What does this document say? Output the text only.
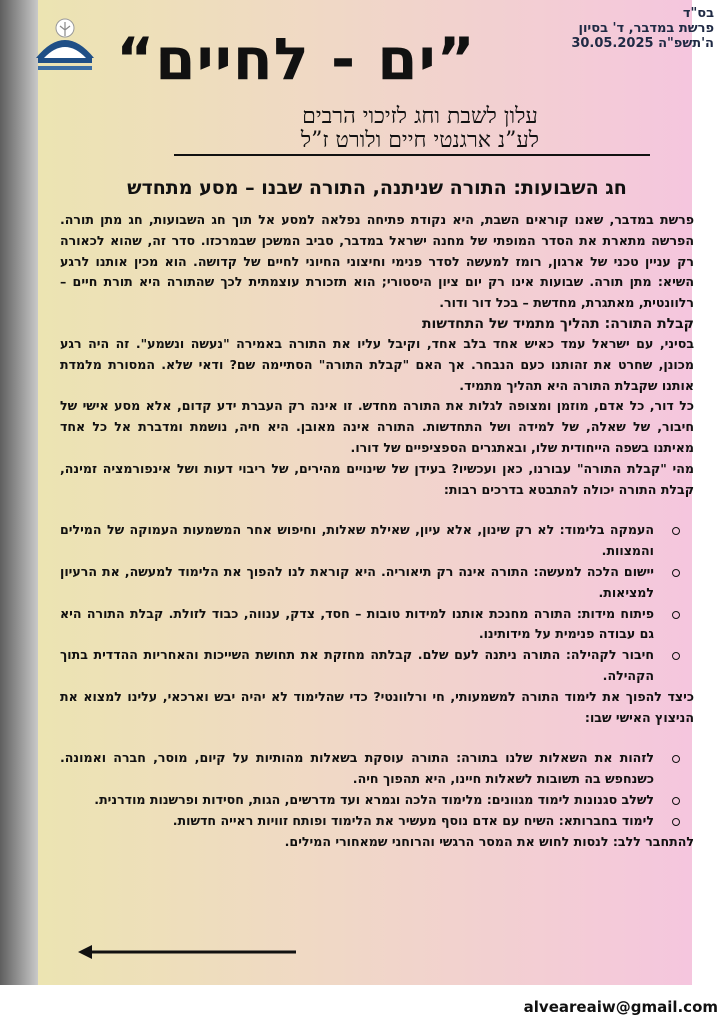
בס"ד
פרשת במדבר, ד' בסיון
ה'תשפ"ה 30.05.2025
”ים - לחיים“
עלון לשבת וחג לזיכוי הרבים
לע”נ ארגנטי חיים ולורט ז”ל
חג השבועות: התורה שניתנה, התורה שבנו – מסע מתחדש

פרשת במדבר, שאנו קוראים השבת, היא נקודת פתיחה נפלאה למסע אל תוך חג השבועות, חג מתן תורה. הפרשה מתארת את הסדר המופתי של מחנה ישראל במדבר, סביב המשכן שבמרכזו. סדר זה, שהוא לכאורה רק עניין טכני של ארגון, רומז למעשה לסדר פנימי וחיצוני החיוני לחיים של קדושה. הוא מכין אותנו לרגע השיא: מתן תורה. שבועות אינו רק יום ציון היסטורי; הוא תזכורת עוצמתית לכך שהתורה היא תורת חיים – רלוונטית, מאתגרת, מחדשת – בכל דור ודור.

קבלת התורה: תהליך מתמיד של התחדשות

בסיני, עם ישראל עמד כאיש אחד בלב אחד, וקיבל עליו את התורה באמירה "נעשה ונשמע". זה היה רגע מכונן, שחרט את זהותנו כעם הנבחר. אך האם "קבלת התורה" הסתיימה שם? ודאי שלא. המסורת מלמדת אותנו שקבלת התורה היא תהליך מתמיד.

כל דור, כל אדם, מוזמן ומצופה לגלות את התורה מחדש. זו אינה רק העברת ידע קדום, אלא מסע אישי של חיבור, של שאלה, של למידה ושל התחדשות. התורה אינה מאובן. היא חיה, נושמת ומדברת אל כל אחד מאיתנו בשפה הייחודית שלו, ובאתגרים הספציפיים של דורו.

מהי "קבלת התורה" עבורנו, כאן ועכשיו? בעידן של שינויים מהירים, של ריבוי דעות ושל אינפורמציה זמינה, קבלת התורה יכולה להתבטא בדרכים רבות:

העמקה בלימוד: לא רק שינון, אלא עיון, שאילת שאלות, וחיפוש אחר המשמעות העמוקה של המילים והמצוות.
יישום הלכה למעשה: התורה אינה רק תיאוריה. היא קוראת לנו להפוך את הלימוד למעשה, את הרעיון למציאות.
פיתוח מידות: התורה מחנכת אותנו למידות טובות – חסד, צדק, ענווה, כבוד לזולת. קבלת התורה היא גם עבודה פנימית על מידותינו.
חיבור לקהילה: התורה ניתנה לעם שלם. קבלתה מחזקת את תחושת השייכות והאחריות ההדדית בתוך הקהילה.

כיצד להפוך את לימוד התורה למשמעותי, חי ורלוונטי? כדי שהלימוד לא יהיה יבש וארכאי, עלינו למצוא את הניצוץ האישי שבו:

לזהות את השאלות שלנו בתורה: התורה עוסקת בשאלות מהותיות על קיום, מוסר, חברה ואמונה. כשנחפש בה תשובות לשאלות חיינו, היא תהפוך חיה.
לשלב סגנונות לימוד מגוונים: מלימוד הלכה וגמרא ועד מדרשים, הגות, חסידות ופרשנות מודרנית.
לימוד בחברותא: השיח עם אדם נוסף מעשיר את הלימוד ופותח זוויות ראייה חדשות.

להתחבר ללב: לנסות לחוש את המסר הרגשי והרוחני שמאחורי המילים.

alveareaiw@gmail.com
